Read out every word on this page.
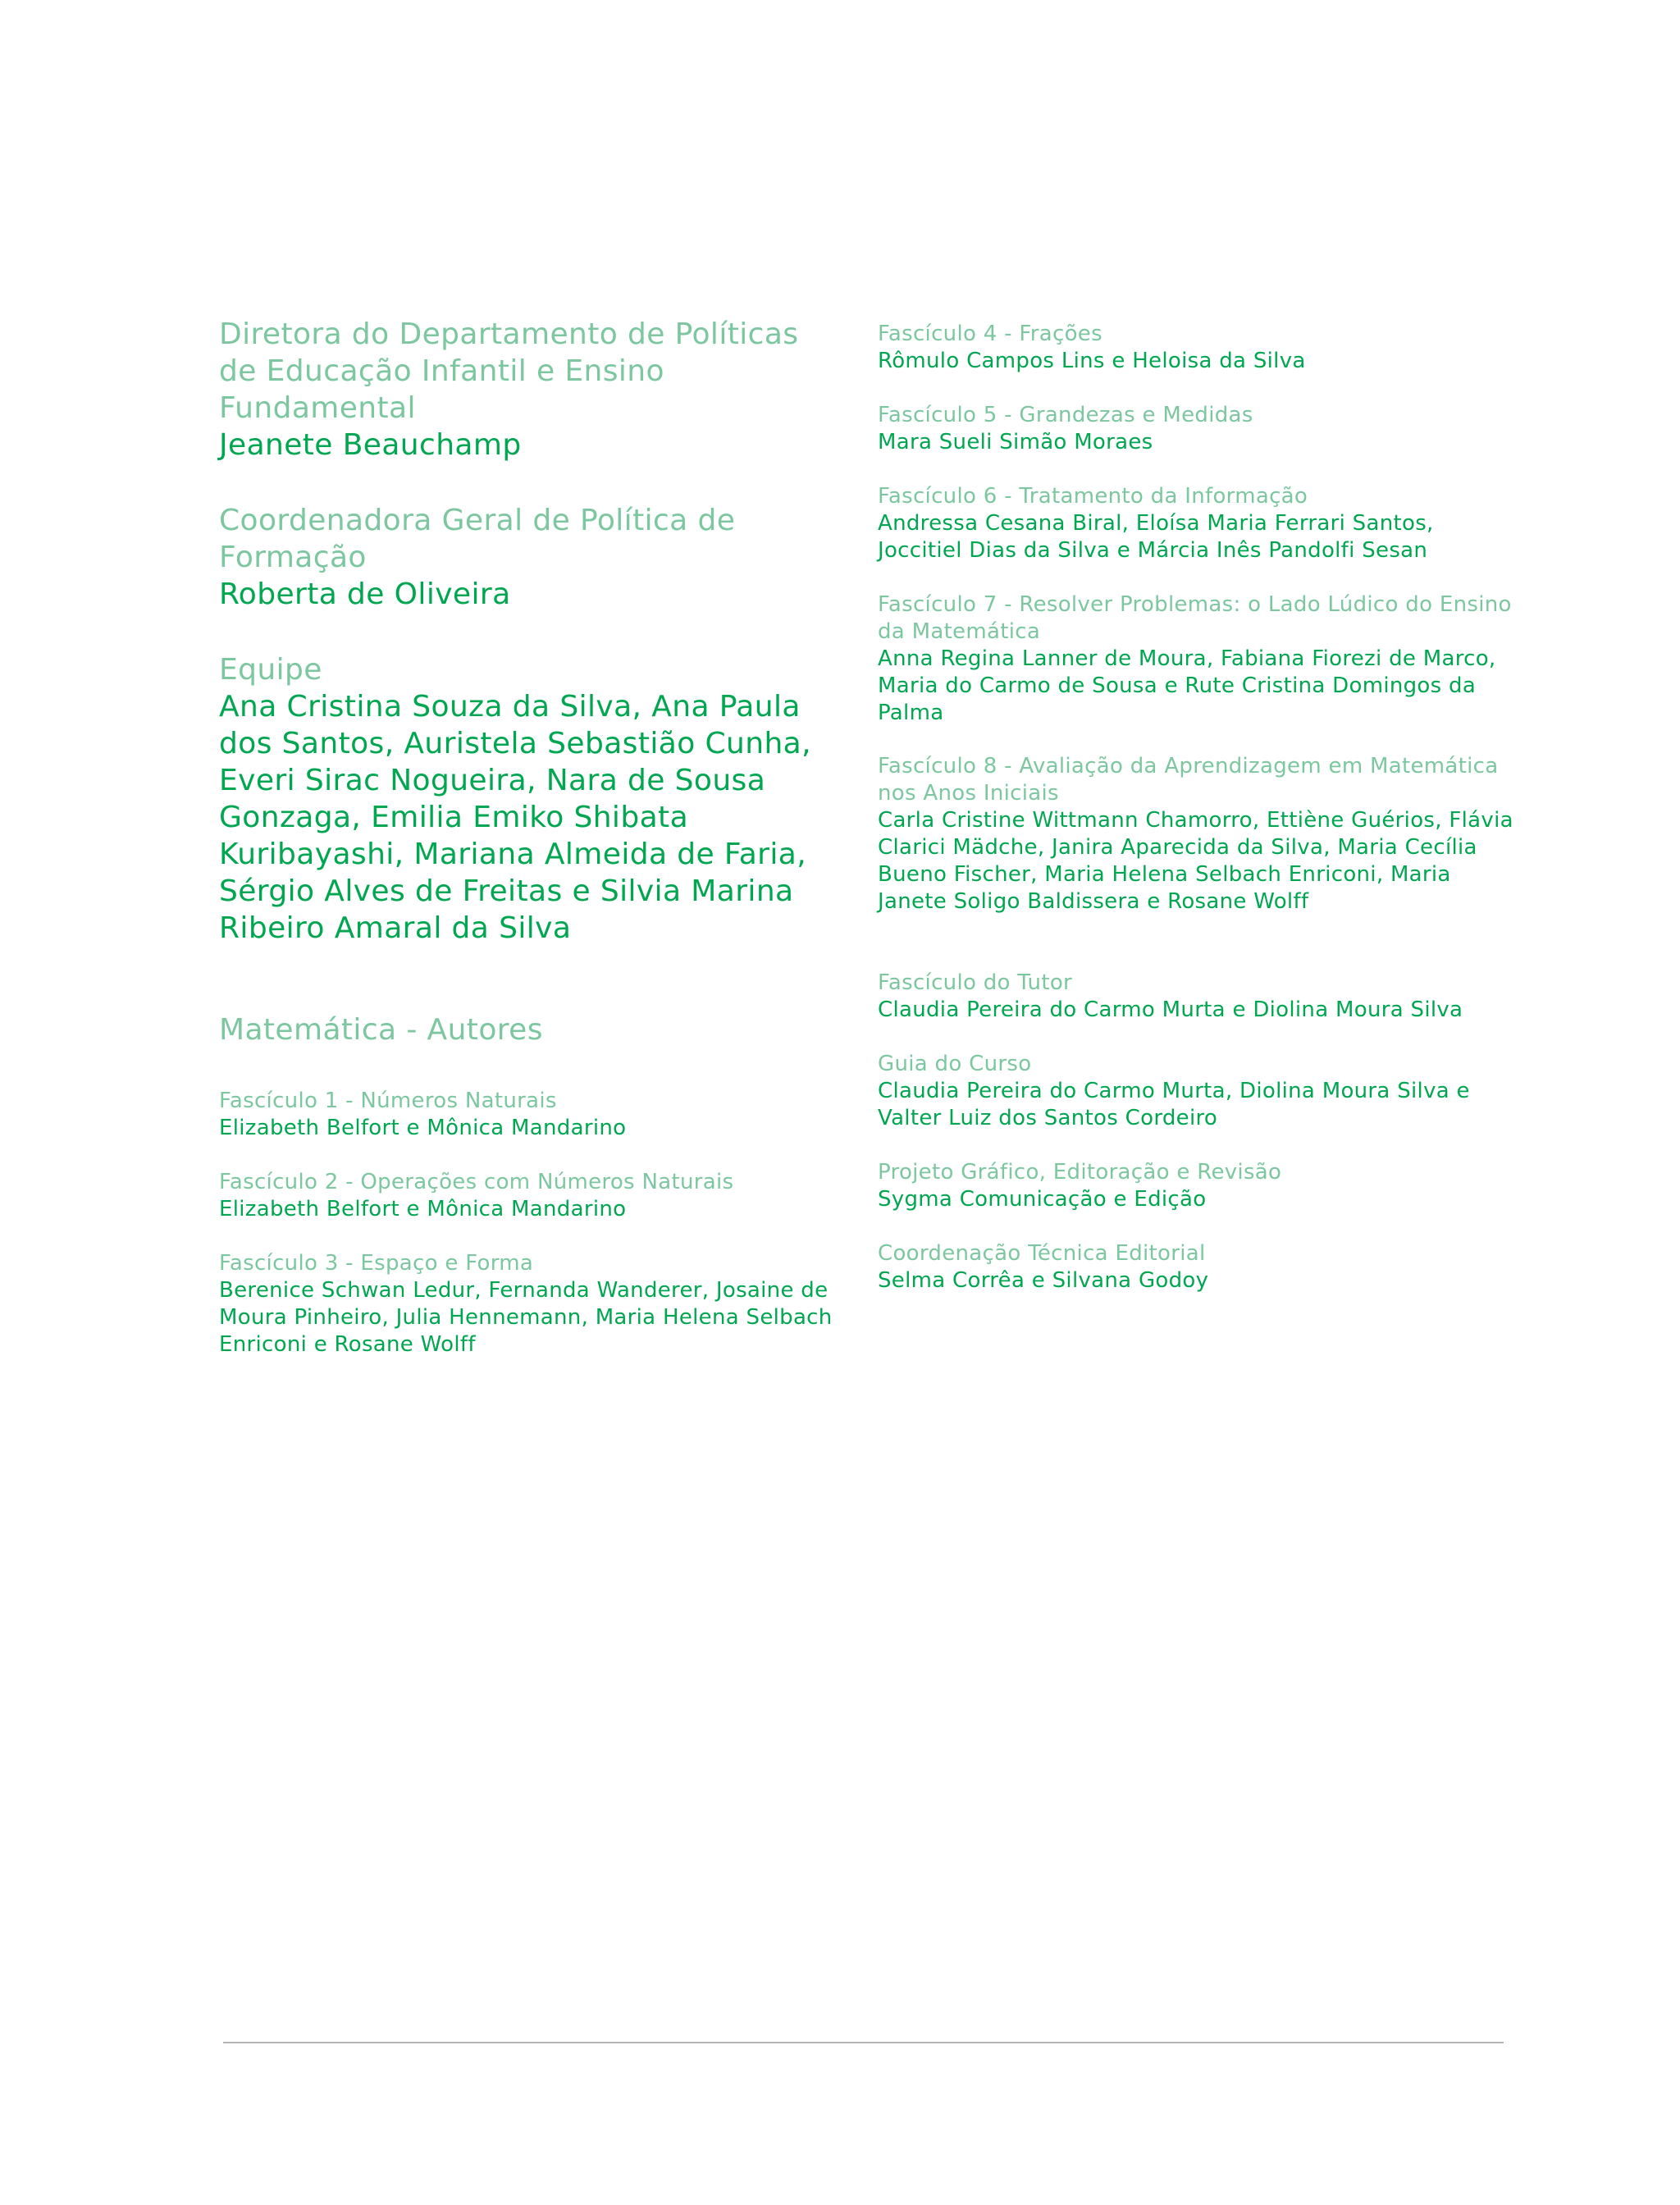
Diretora do Departamento de Políticas de Educação Infantil e Ensino Fundamental

Jeanete Beauchamp

Coordenadora Geral de Política de Formação

Roberta de Oliveira

Equipe

Ana Cristina Souza da Silva, Ana Paula dos Santos, Auristela Sebastião Cunha, Everi Sirac Nogueira, Nara de Sousa Gonzaga, Emilia Emiko Shibata Kuribayashi, Mariana Almeida de Faria, Sérgio Alves de Freitas e Silvia Marina Ribeiro Amaral da Silva

Matemática - Autores

Fascículo 1 - Números Naturais

Elizabeth Belfort e Mônica Mandarino

Fascículo 2 - Operações com Números Naturais

Elizabeth Belfort e Mônica Mandarino

Fascículo 3 - Espaço e Forma

Berenice Schwan Ledur, Fernanda Wanderer, Josaine de Moura Pinheiro, Julia Hennemann, Maria Helena Selbach Enriconi e Rosane Wolff

Fascículo 4 - Frações

Rômulo Campos Lins e Heloisa da Silva

Fascículo 5 - Grandezas e Medidas

Mara Sueli Simão Moraes

Fascículo 6 - Tratamento da Informação

Andressa Cesana Biral, Eloísa Maria Ferrari Santos, Joccitiel Dias da Silva e Márcia Inês Pandolfi Sesan

Fascículo 7 - Resolver Problemas: o Lado Lúdico do Ensino da Matemática

Anna Regina Lanner de Moura, Fabiana Fiorezi de Marco, Maria do Carmo de Sousa e Rute Cristina Domingos da Palma

Fascículo 8 - Avaliação da Aprendizagem em Matemática nos Anos Iniciais

Carla Cristine Wittmann Chamorro, Ettiène Guérios, Flávia Clarici Mädche, Janira Aparecida da Silva, Maria Cecília Bueno Fischer, Maria Helena Selbach Enriconi, Maria Janete Soligo Baldissera e Rosane Wolff

Fascículo do Tutor

Claudia Pereira do Carmo Murta e Diolina Moura Silva

Guia do Curso

Claudia Pereira do Carmo Murta, Diolina Moura Silva e Valter Luiz dos Santos Cordeiro

Projeto Gráfico, Editoração e Revisão

Sygma Comunicação e Edição

Coordenação Técnica Editorial

Selma Corrêa e Silvana Godoy
